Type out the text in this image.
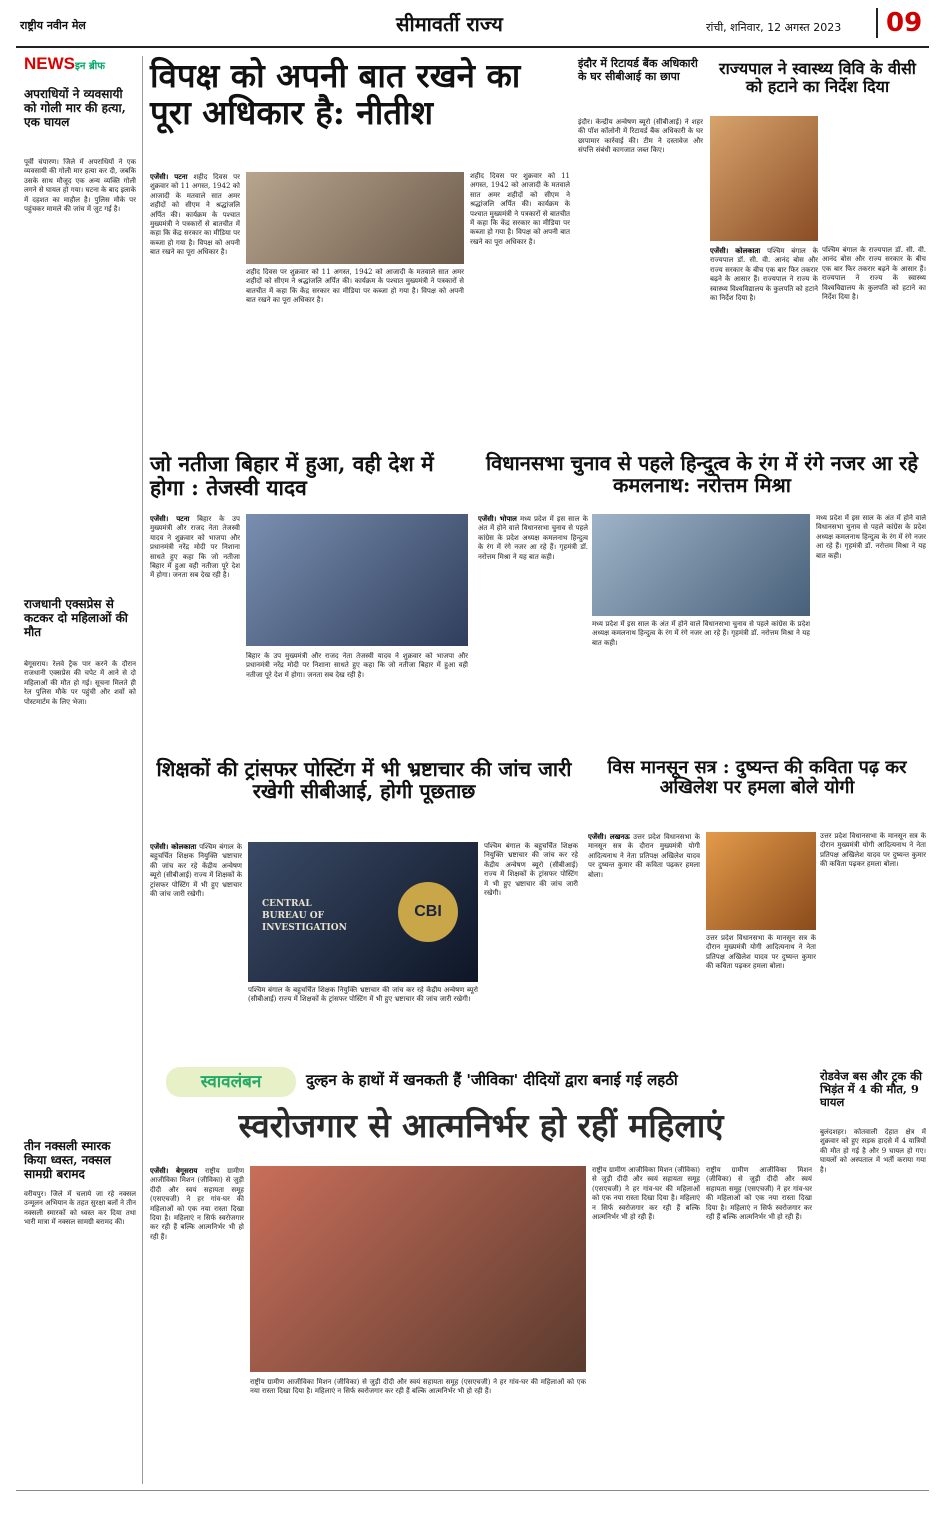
राष्ट्रीय नवीन मेल	सीमावर्ती राज्य	रांची, शनिवार, 12 अगस्त 2023	09
NEWSइन ब्रीफ
अपराधियों ने व्यवसायी को गोली मार की हत्या, एक घायल
पूर्वी चंपारण। जिले में अपराधियों ने एक व्यवसायी की गोली मार हत्या कर दी, जबकि उसके साथ मौजूद एक अन्य व्यक्ति गोली लगने से घायल हो गया। घटना के बाद इलाके में दहशत का माहौल है। पुलिस मौके पर पहुंचकर मामले की जांच में जुट गई है।
राजधानी एक्सप्रेस से कटकर दो महिलाओं की मौत
बेगूसराय। रेलवे ट्रैक पार करने के दौरान राजधानी एक्सप्रेस की चपेट में आने से दो महिलाओं की मौत हो गई। सूचना मिलते ही रेल पुलिस मौके पर पहुंची और शवों को पोस्टमार्टम के लिए भेजा।
तीन नक्सली स्मारक किया ध्वस्त, नक्सल सामग्री बरामद
वरीयपुर। जिले में चलाये जा रहे नक्सल उन्मूलन अभियान के तहत सुरक्षा बलों ने तीन नक्सली स्मारकों को ध्वस्त कर दिया तथा भारी मात्रा में नक्सल सामग्री बरामद की।
विपक्ष को अपनी बात रखने का पूरा अधिकार है: नीतीश
एजेंसी। पटना शहीद दिवस पर शुक्रवार को 11 अगस्त, 1942 को आजादी के मतवाले सात अमर शहीदों को सीएम ने श्रद्धांजलि अर्पित की। कार्यक्रम के पश्चात मुख्यमंत्री ने पत्रकारों से बातचीत में कहा कि केंद्र सरकार का मीडिया पर कब्जा हो गया है। विपक्ष को अपनी बात रखने का पूरा अधिकार है।
शहीद दिवस पर शुक्रवार को 11 अगस्त, 1942 को आजादी के मतवाले सात अमर शहीदों को सीएम ने श्रद्धांजलि अर्पित की। कार्यक्रम के पश्चात मुख्यमंत्री ने पत्रकारों से बातचीत में कहा कि केंद्र सरकार का मीडिया पर कब्जा हो गया है। विपक्ष को अपनी बात रखने का पूरा अधिकार है।
शहीद दिवस पर शुक्रवार को 11 अगस्त, 1942 को आजादी के मतवाले सात अमर शहीदों को सीएम ने श्रद्धांजलि अर्पित की। कार्यक्रम के पश्चात मुख्यमंत्री ने पत्रकारों से बातचीत में कहा कि केंद्र सरकार का मीडिया पर कब्जा हो गया है। विपक्ष को अपनी बात रखने का पूरा अधिकार है।
इंदौर में रिटायर्ड बैंक अधिकारी के घर सीबीआई का छापा
इंदौर। केन्द्रीय अन्वेषण ब्यूरो (सीबीआई) ने शहर की पॉश कॉलोनी में रिटायर्ड बैंक अधिकारी के घर छापामार कार्रवाई की। टीम ने दस्तावेज और संपत्ति संबंधी कागजात जब्त किए।
राज्यपाल ने स्वास्थ्य विवि के वीसी को हटाने का निर्देश दिया
एजेंसी। कोलकाता पश्चिम बंगाल के राज्यपाल डॉ. सी. वी. आनंद बोस और राज्य सरकार के बीच एक बार फिर तकरार बढ़ने के आसार हैं। राज्यपाल ने राज्य के स्वास्थ्य विश्वविद्यालय के कुलपति को हटाने का निर्देश दिया है।
पश्चिम बंगाल के राज्यपाल डॉ. सी. वी. आनंद बोस और राज्य सरकार के बीच एक बार फिर तकरार बढ़ने के आसार हैं। राज्यपाल ने राज्य के स्वास्थ्य विश्वविद्यालय के कुलपति को हटाने का निर्देश दिया है।
जो नतीजा बिहार में हुआ, वही देश में होगा : तेजस्वी यादव
एजेंसी। पटना बिहार के उप मुख्यमंत्री और राजद नेता तेजस्वी यादव ने शुक्रवार को भाजपा और प्रधानमंत्री नरेंद्र मोदी पर निशाना साधते हुए कहा कि जो नतीजा बिहार में हुआ वही नतीजा पूरे देश में होगा। जनता सब देख रही है।
बिहार के उप मुख्यमंत्री और राजद नेता तेजस्वी यादव ने शुक्रवार को भाजपा और प्रधानमंत्री नरेंद्र मोदी पर निशाना साधते हुए कहा कि जो नतीजा बिहार में हुआ वही नतीजा पूरे देश में होगा। जनता सब देख रही है।
विधानसभा चुनाव से पहले हिन्दुत्व के रंग में रंगे नजर आ रहे कमलनाथ: नरोत्तम मिश्रा
एजेंसी। भोपाल मध्य प्रदेश में इस साल के अंत में होने वाले विधानसभा चुनाव से पहले कांग्रेस के प्रदेश अध्यक्ष कमलनाथ हिन्दुत्व के रंग में रंगे नजर आ रहे हैं। गृहमंत्री डॉ. नरोत्तम मिश्रा ने यह बात कही।
मध्य प्रदेश में इस साल के अंत में होने वाले विधानसभा चुनाव से पहले कांग्रेस के प्रदेश अध्यक्ष कमलनाथ हिन्दुत्व के रंग में रंगे नजर आ रहे हैं। गृहमंत्री डॉ. नरोत्तम मिश्रा ने यह बात कही।
मध्य प्रदेश में इस साल के अंत में होने वाले विधानसभा चुनाव से पहले कांग्रेस के प्रदेश अध्यक्ष कमलनाथ हिन्दुत्व के रंग में रंगे नजर आ रहे हैं। गृहमंत्री डॉ. नरोत्तम मिश्रा ने यह बात कही।
शिक्षकों की ट्रांसफर पोस्टिंग में भी भ्रष्टाचार की जांच जारी रखेगी सीबीआई, होगी पूछताछ
एजेंसी। कोलकाता पश्चिम बंगाल के बहुचर्चित शिक्षक नियुक्ति भ्रष्टाचार की जांच कर रहे केंद्रीय अन्वेषण ब्यूरो (सीबीआई) राज्य में शिक्षकों के ट्रांसफर पोस्टिंग में भी हुए भ्रष्टाचार की जांच जारी रखेगी।
CENTRAL BUREAU OF INVESTIGATION
CBI
पश्चिम बंगाल के बहुचर्चित शिक्षक नियुक्ति भ्रष्टाचार की जांच कर रहे केंद्रीय अन्वेषण ब्यूरो (सीबीआई) राज्य में शिक्षकों के ट्रांसफर पोस्टिंग में भी हुए भ्रष्टाचार की जांच जारी रखेगी।
पश्चिम बंगाल के बहुचर्चित शिक्षक नियुक्ति भ्रष्टाचार की जांच कर रहे केंद्रीय अन्वेषण ब्यूरो (सीबीआई) राज्य में शिक्षकों के ट्रांसफर पोस्टिंग में भी हुए भ्रष्टाचार की जांच जारी रखेगी।
विस मानसून सत्र : दुष्यन्त की कविता पढ़ कर अखिलेश पर हमला बोले योगी
एजेंसी। लखनऊ उत्तर प्रदेश विधानसभा के मानसून सत्र के दौरान मुख्यमंत्री योगी आदित्यनाथ ने नेता प्रतिपक्ष अखिलेश यादव पर दुष्यन्त कुमार की कविता पढ़कर हमला बोला।
उत्तर प्रदेश विधानसभा के मानसून सत्र के दौरान मुख्यमंत्री योगी आदित्यनाथ ने नेता प्रतिपक्ष अखिलेश यादव पर दुष्यन्त कुमार की कविता पढ़कर हमला बोला।
उत्तर प्रदेश विधानसभा के मानसून सत्र के दौरान मुख्यमंत्री योगी आदित्यनाथ ने नेता प्रतिपक्ष अखिलेश यादव पर दुष्यन्त कुमार की कविता पढ़कर हमला बोला।
स्वावलंबन	दुल्हन के हाथों में खनकती हैं 'जीविका' दीदियों द्वारा बनाई गई लहठी
स्वरोजगार से आत्मनिर्भर हो रहीं महिलाएं
एजेंसी। बेगूसराय राष्ट्रीय ग्रामीण आजीविका मिशन (जीविका) से जुड़ी दीदी और स्वयं सहायता समूह (एसएचजी) ने हर गांव-घर की महिलाओं को एक नया रास्ता दिखा दिया है। महिलाएं न सिर्फ स्वरोजगार कर रही हैं बल्कि आत्मनिर्भर भी हो रही हैं।
राष्ट्रीय ग्रामीण आजीविका मिशन (जीविका) से जुड़ी दीदी और स्वयं सहायता समूह (एसएचजी) ने हर गांव-घर की महिलाओं को एक नया रास्ता दिखा दिया है। महिलाएं न सिर्फ स्वरोजगार कर रही हैं बल्कि आत्मनिर्भर भी हो रही हैं।
राष्ट्रीय ग्रामीण आजीविका मिशन (जीविका) से जुड़ी दीदी और स्वयं सहायता समूह (एसएचजी) ने हर गांव-घर की महिलाओं को एक नया रास्ता दिखा दिया है। महिलाएं न सिर्फ स्वरोजगार कर रही हैं बल्कि आत्मनिर्भर भी हो रही हैं।
राष्ट्रीय ग्रामीण आजीविका मिशन (जीविका) से जुड़ी दीदी और स्वयं सहायता समूह (एसएचजी) ने हर गांव-घर की महिलाओं को एक नया रास्ता दिखा दिया है। महिलाएं न सिर्फ स्वरोजगार कर रही हैं बल्कि आत्मनिर्भर भी हो रही हैं।
रोडवेज बस और ट्रक की भिड़ंत में 4 की मौत, 9 घायल
बुलंदशहर। कोतवाली देहात क्षेत्र में शुक्रवार को हुए सड़क हादसे में 4 यात्रियों की मौत हो गई है और 9 घायल हो गए। घायलों को अस्पताल में भर्ती कराया गया है।
